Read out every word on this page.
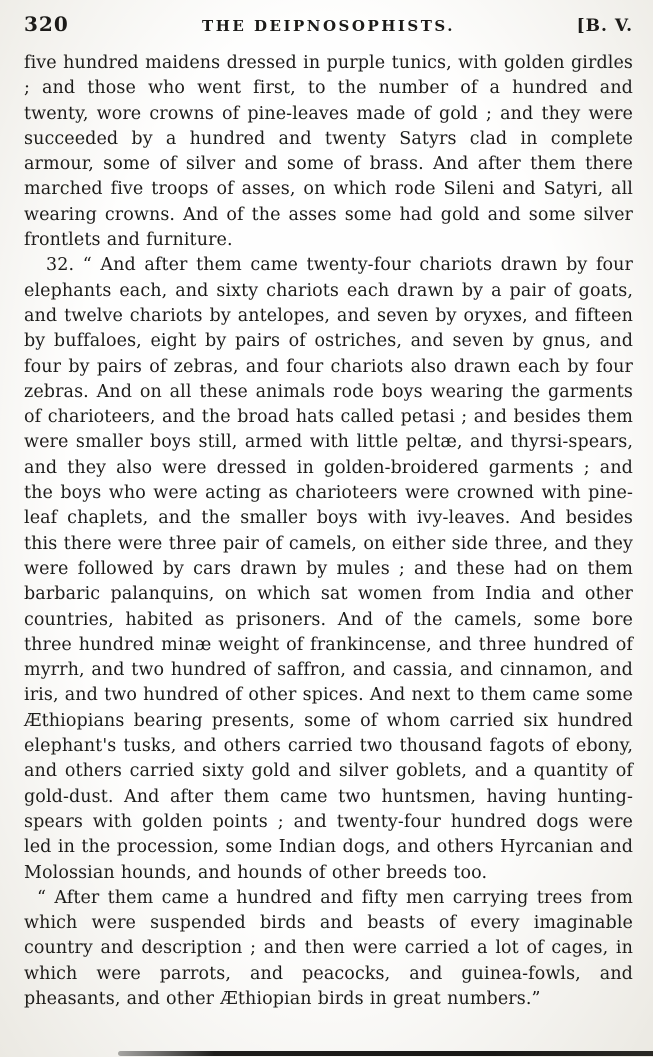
320	THE DEIPNOSOPHISTS.	[B. V.

five hundred maidens dressed in purple tunics, with golden girdles ; and those who went first, to the number of a hundred and twenty, wore crowns of pine-leaves made of gold ; and they were succeeded by a hundred and twenty Satyrs clad in complete armour, some of silver and some of brass. And after them there marched five troops of asses, on which rode Sileni and Satyri, all wearing crowns. And of the asses some had gold and some silver frontlets and furniture.

32. “ And after them came twenty-four chariots drawn by four elephants each, and sixty chariots each drawn by a pair of goats, and twelve chariots by antelopes, and seven by oryxes, and fifteen by buffaloes, eight by pairs of ostriches, and seven by gnus, and four by pairs of zebras, and four chariots also drawn each by four zebras. And on all these animals rode boys wearing the garments of charioteers, and the broad hats called petasi ; and besides them were smaller boys still, armed with little peltæ, and thyrsi-spears, and they also were dressed in golden-broidered garments ; and the boys who were acting as charioteers were crowned with pine-leaf chaplets, and the smaller boys with ivy-leaves. And besides this there were three pair of camels, on either side three, and they were followed by cars drawn by mules ; and these had on them barbaric palanquins, on which sat women from India and other countries, habited as prisoners. And of the camels, some bore three hundred minæ weight of frankincense, and three hundred of myrrh, and two hundred of saffron, and cassia, and cinnamon, and iris, and two hundred of other spices. And next to them came some Æthiopians bearing presents, some of whom carried six hundred elephant's tusks, and others carried two thousand fagots of ebony, and others carried sixty gold and silver goblets, and a quantity of gold-dust. And after them came two huntsmen, having hunting-spears with golden points ; and twenty-four hundred dogs were led in the procession, some Indian dogs, and others Hyrcanian and Molossian hounds, and hounds of other breeds too.

“ After them came a hundred and fifty men carrying trees from which were suspended birds and beasts of every imaginable country and description ; and then were carried a lot of cages, in which were parrots, and peacocks, and guinea-fowls, and pheasants, and other Æthiopian birds in great numbers.”
